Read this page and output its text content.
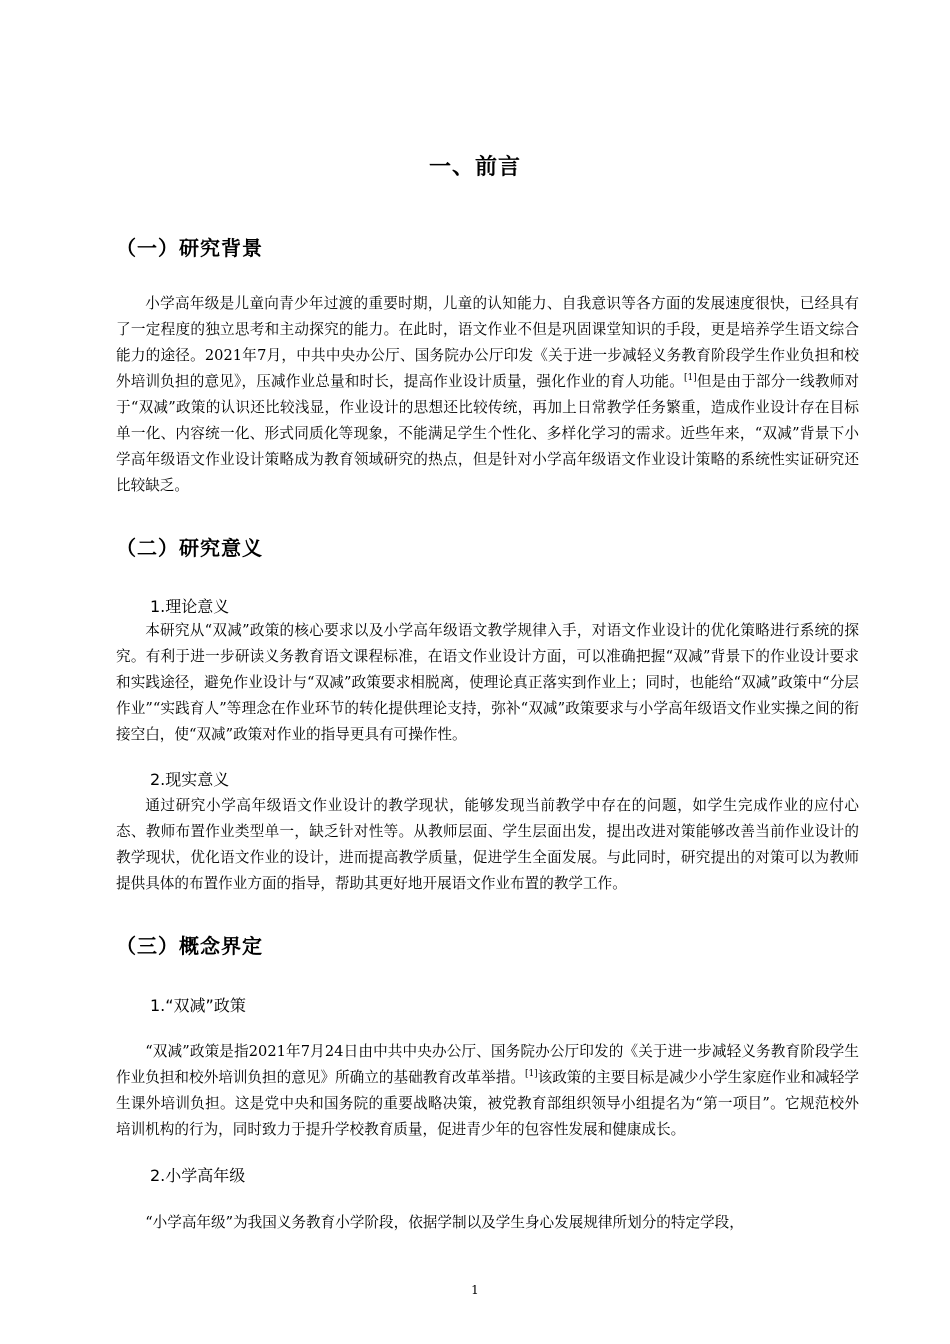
一、前言
（一）研究背景

小学高年级是儿童向青少年过渡的重要时期，儿童的认知能力、自我意识等各方面的发展速度很快，已经具有了一定程度的独立思考和主动探究的能力。在此时，语文作业不但是巩固课堂知识的手段，更是培养学生语文综合能力的途径。2021年7月，中共中央办公厅、国务院办公厅印发《关于进一步减轻义务教育阶段学生作业负担和校外培训负担的意见》，压减作业总量和时长，提高作业设计质量，强化作业的育人功能。[1]但是由于部分一线教师对于“双减”政策的认识还比较浅显，作业设计的思想还比较传统，再加上日常教学任务繁重，造成作业设计存在目标单一化、内容统一化、形式同质化等现象，不能满足学生个性化、多样化学习的需求。近些年来，“双减”背景下小学高年级语文作业设计策略成为教育领域研究的热点，但是针对小学高年级语文作业设计策略的系统性实证研究还比较缺乏。

（二）研究意义
1.理论意义

本研究从“双减”政策的核心要求以及小学高年级语文教学规律入手，对语文作业设计的优化策略进行系统的探究。有利于进一步研读义务教育语文课程标准，在语文作业设计方面，可以准确把握“双减”背景下的作业设计要求和实践途径，避免作业设计与“双减”政策要求相脱离，使理论真正落实到作业上；同时，也能给“双减”政策中“分层作业”“实践育人”等理念在作业环节的转化提供理论支持，弥补“双减”政策要求与小学高年级语文作业实操之间的衔接空白，使“双减”政策对作业的指导更具有可操作性。

2.现实意义

通过研究小学高年级语文作业设计的教学现状，能够发现当前教学中存在的问题，如学生完成作业的应付心态、教师布置作业类型单一，缺乏针对性等。从教师层面、学生层面出发，提出改进对策能够改善当前作业设计的教学现状，优化语文作业的设计，进而提高教学质量，促进学生全面发展。与此同时，研究提出的对策可以为教师提供具体的布置作业方面的指导，帮助其更好地开展语文作业布置的教学工作。

（三）概念界定
1.“双减”政策

“双减”政策是指2021年7月24日由中共中央办公厅、国务院办公厅印发的《关于进一步减轻义务教育阶段学生作业负担和校外培训负担的意见》所确立的基础教育改革举措。[1]该政策的主要目标是减少小学生家庭作业和减轻学生课外培训负担。这是党中央和国务院的重要战略决策，被党教育部组织领导小组提名为“第一项目”。它规范校外培训机构的行为，同时致力于提升学校教育质量，促进青少年的包容性发展和健康成长。

2.小学高年级

“小学高年级”为我国义务教育小学阶段，依据学制以及学生身心发展规律所划分的特定学段，

1
